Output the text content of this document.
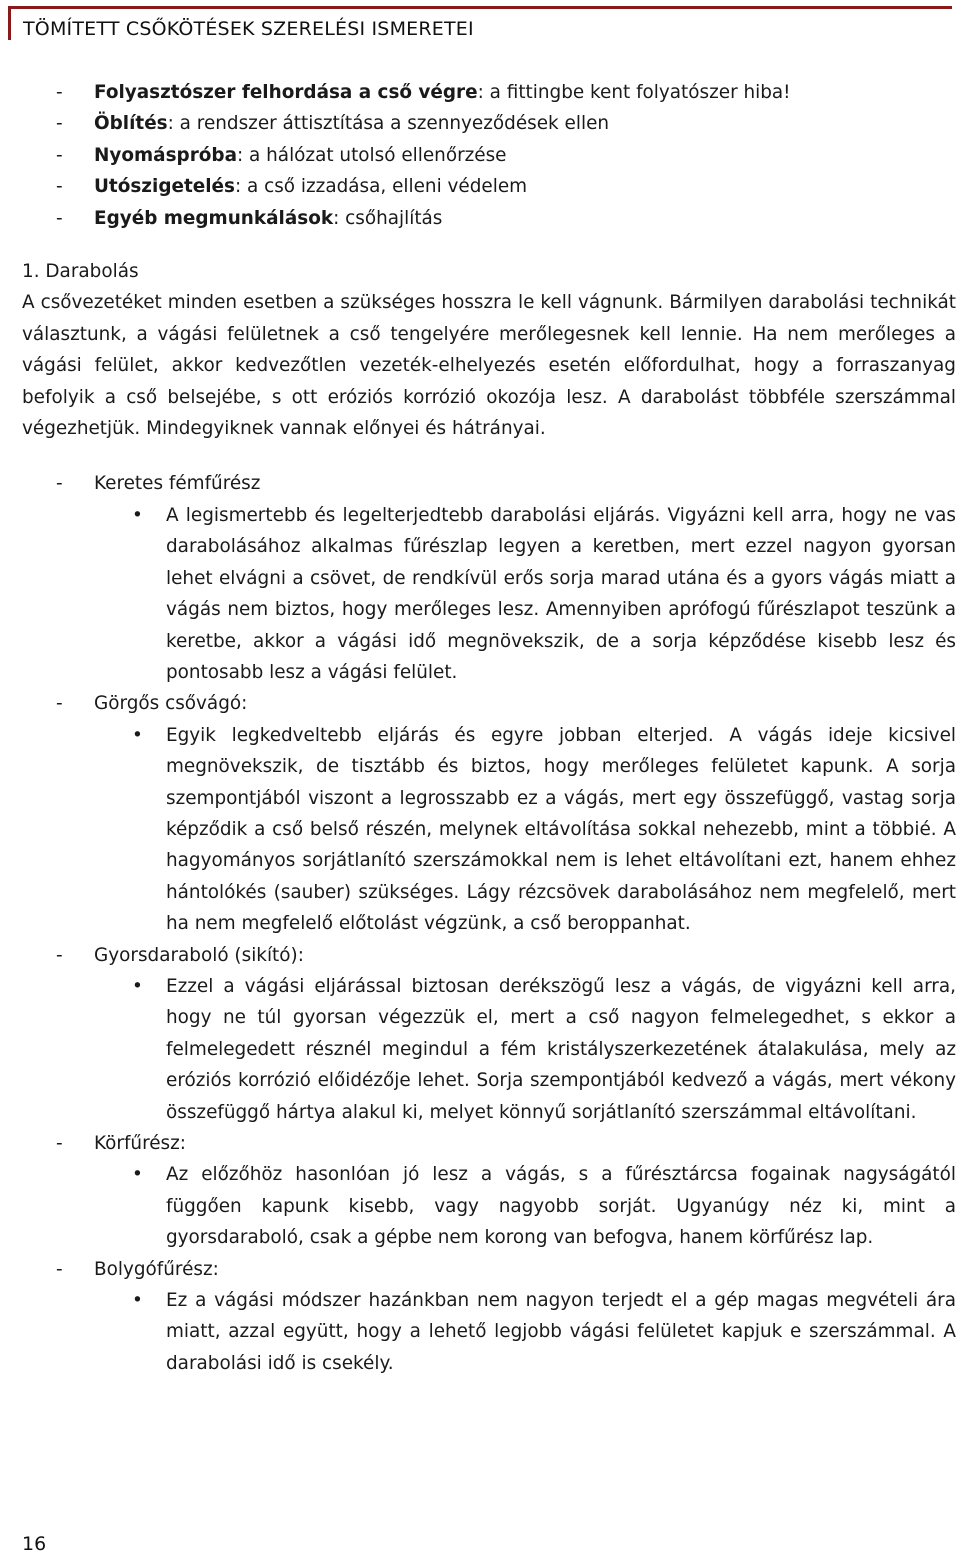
TÖMÍTETT CSŐKÖTÉSEK SZERELÉSI ISMERETEI
- Folyasztószer felhordása a cső végre: a fittingbe kent folyatószer hiba!
- Öblítés: a rendszer áttisztítása a szennyeződések ellen
- Nyomáspróba: a hálózat utolsó ellenőrzése
- Utószigetelés: a cső izzadása, elleni védelem
- Egyéb megmunkálások: csőhajlítás
1. Darabolás
A csővezetéket minden esetben a szükséges hosszra le kell vágnunk. Bármilyen darabolási technikát választunk, a vágási felületnek a cső tengelyére merőlegesnek kell lennie. Ha nem merőleges a vágási felület, akkor kedvezőtlen vezeték-elhelyezés esetén előfordulhat, hogy a forraszanyag befolyik a cső belsejébe, s ott eróziós korrózió okozója lesz. A darabolást többféle szerszámmal végezhetjük. Mindegyiknek vannak előnyei és hátrányai.
- Keretes fémfűrész
• A legismertebb és legelterjedtebb darabolási eljárás. Vigyázni kell arra, hogy ne vas darabolásához alkalmas fűrészlap legyen a keretben, mert ezzel nagyon gyorsan lehet elvágni a csövet, de rendkívül erős sorja marad utána és a gyors vágás miatt a vágás nem biztos, hogy merőleges lesz. Amennyiben aprófogú fűrészlapot teszünk a keretbe, akkor a vágási idő megnövekszik, de a sorja képződése kisebb lesz és pontosabb lesz a vágási felület.
- Görgős csővágó:
• Egyik legkedveltebb eljárás és egyre jobban elterjed. A vágás ideje kicsivel megnövekszik, de tisztább és biztos, hogy merőleges felületet kapunk. A sorja szempontjából viszont a legrosszabb ez a vágás, mert egy összefüggő, vastag sorja képződik a cső belső részén, melynek eltávolítása sokkal nehezebb, mint a többié. A hagyományos sorjátlanító szerszámokkal nem is lehet eltávolítani ezt, hanem ehhez hántolókés (sauber) szükséges. Lágy rézcsövek darabolásához nem megfelelő, mert ha nem megfelelő előtolást végzünk, a cső beroppanhat.
- Gyorsdaraboló (sikító):
• Ezzel a vágási eljárással biztosan derékszögű lesz a vágás, de vigyázni kell arra, hogy ne túl gyorsan végezzük el, mert a cső nagyon felmelegedhet, s ekkor a felmelegedett résznél megindul a fém kristályszerkezetének átalakulása, mely az eróziós korrózió előidézője lehet. Sorja szempontjából kedvező a vágás, mert vékony összefüggő hártya alakul ki, melyet könnyű sorjátlanító szerszámmal eltávolítani.
- Körfűrész:
• Az előzőhöz hasonlóan jó lesz a vágás, s a fűrésztárcsa fogainak nagyságától függően kapunk kisebb, vagy nagyobb sorját. Ugyanúgy néz ki, mint a gyorsdaraboló, csak a gépbe nem korong van befogva, hanem körfűrész lap.
- Bolygófűrész:
• Ez a vágási módszer hazánkban nem nagyon terjedt el a gép magas megvételi ára miatt, azzal együtt, hogy a lehető legjobb vágási felületet kapjuk e szerszámmal. A darabolási idő is csekély.
16
